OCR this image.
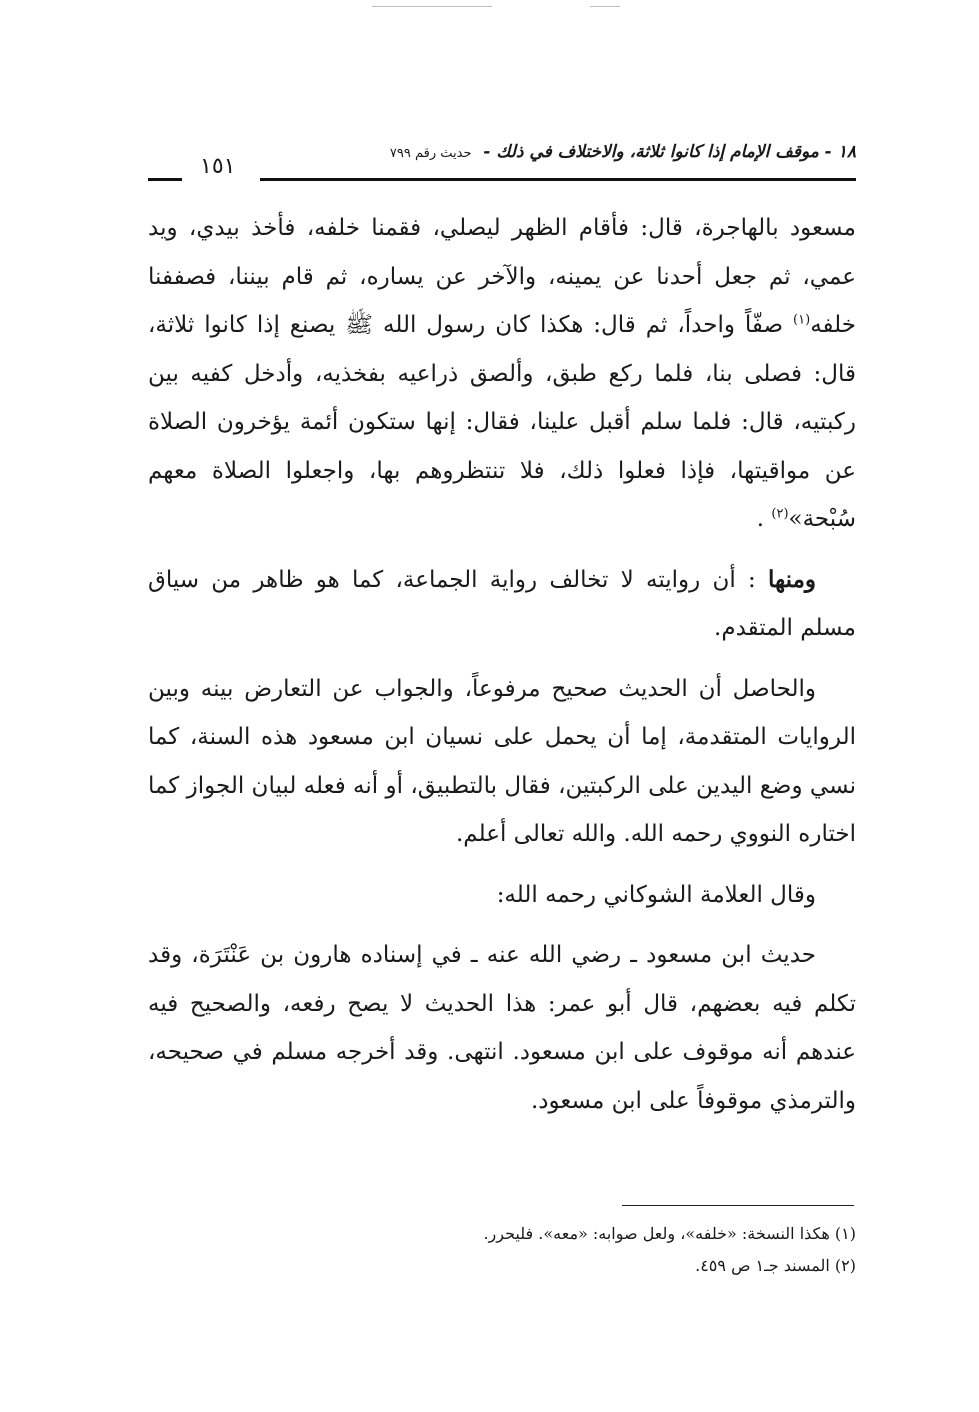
١٨ - موقف الإمام إذا كانوا ثلاثة، والاختلاف في ذلك - حديث رقم ٧٩٩
١٥١

مسعود بالهاجرة، قال: فأقام الظهر ليصلي، فقمنا خلفه، فأخذ بيدي، ويد عمي، ثم جعل أحدنا عن يمينه، والآخر عن يساره، ثم قام بيننا، فصففنا خلفه$^{(١)}$ صفّاً واحداً، ثم قال: هكذا كان رسول الله ﷺ يصنع إذا كانوا ثلاثة، قال: فصلى بنا، فلما ركع طبق، وألصق ذراعيه بفخذيه، وأدخل كفيه بين ركبتيه، قال: فلما سلم أقبل علينا، فقال: إنها ستكون أئمة يؤخرون الصلاة عن مواقيتها، فإذا فعلوا ذلك، فلا تنتظروهم بها، واجعلوا الصلاة معهم سُبْحة»$^{(٢)}$ .

ومنها : أن روايته لا تخالف رواية الجماعة، كما هو ظاهر من سياق مسلم المتقدم.

والحاصل أن الحديث صحيح مرفوعاً، والجواب عن التعارض بينه وبين الروايات المتقدمة، إما أن يحمل على نسيان ابن مسعود هذه السنة، كما نسي وضع اليدين على الركبتين، فقال بالتطبيق، أو أنه فعله لبيان الجواز كما اختاره النووي رحمه الله. والله تعالى أعلم.

وقال العلامة الشوكاني رحمه الله:

حديث ابن مسعود ـ رضي الله عنه ـ في إسناده هارون بن عَنْتَرَة، وقد تكلم فيه بعضهم، قال أبو عمر: هذا الحديث لا يصح رفعه، والصحيح فيه عندهم أنه موقوف على ابن مسعود. انتهى. وقد أخرجه مسلم في صحيحه، والترمذي موقوفاً على ابن مسعود.

(١) هكذا النسخة: «خلفه»، ولعل صوابه: «معه». فليحرر.

(٢) المسند جـ١ ص ٤٥٩.
